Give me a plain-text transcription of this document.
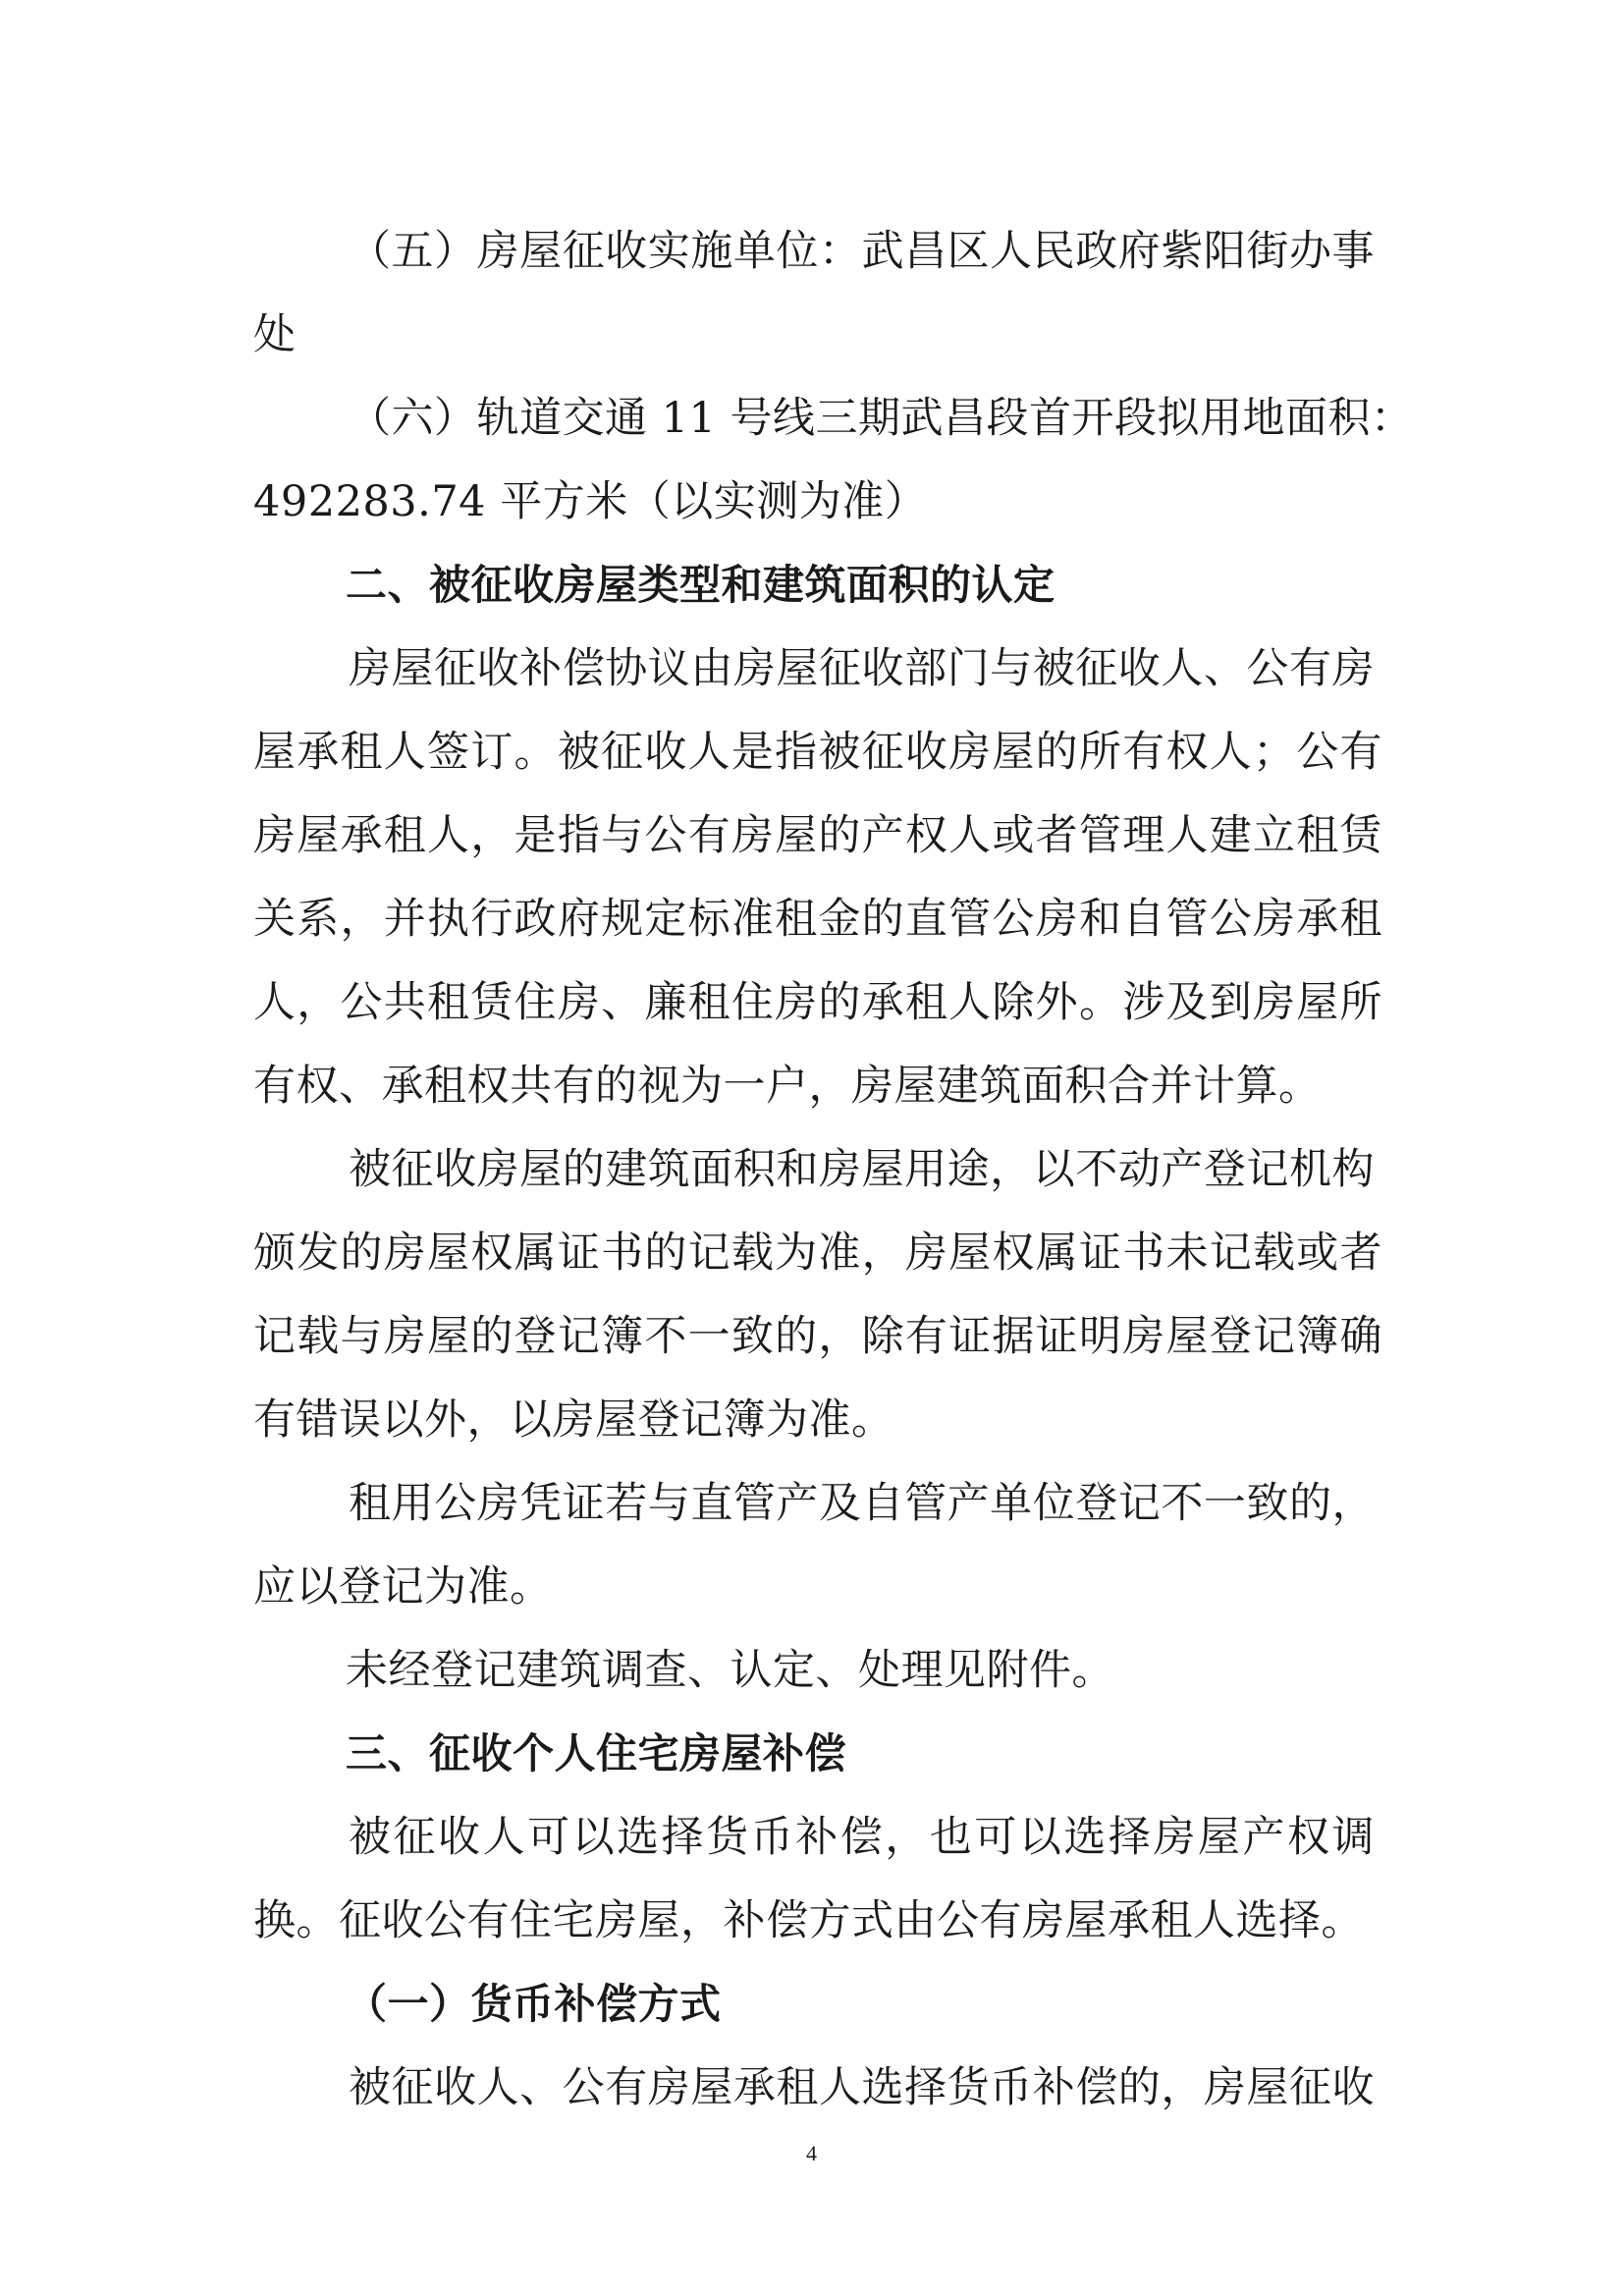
（五）房屋征收实施单位：武昌区人民政府紫阳街办事
处
（六）轨道交通 11 号线三期武昌段首开段拟用地面积：
492283.74 平方米（以实测为准）
二、被征收房屋类型和建筑面积的认定
房屋征收补偿协议由房屋征收部门与被征收人、公有房
屋承租人签订。被征收人是指被征收房屋的所有权人；公有
房屋承租人，是指与公有房屋的产权人或者管理人建立租赁
关系，并执行政府规定标准租金的直管公房和自管公房承租
人，公共租赁住房、廉租住房的承租人除外。涉及到房屋所
有权、承租权共有的视为一户，房屋建筑面积合并计算。
被征收房屋的建筑面积和房屋用途，以不动产登记机构
颁发的房屋权属证书的记载为准，房屋权属证书未记载或者
记载与房屋的登记簿不一致的，除有证据证明房屋登记簿确
有错误以外，以房屋登记簿为准。
租用公房凭证若与直管产及自管产单位登记不一致的，
应以登记为准。
未经登记建筑调查、认定、处理见附件。
三、征收个人住宅房屋补偿
被征收人可以选择货币补偿，也可以选择房屋产权调
换。征收公有住宅房屋，补偿方式由公有房屋承租人选择。
（一）货币补偿方式
被征收人、公有房屋承租人选择货币补偿的，房屋征收
4
